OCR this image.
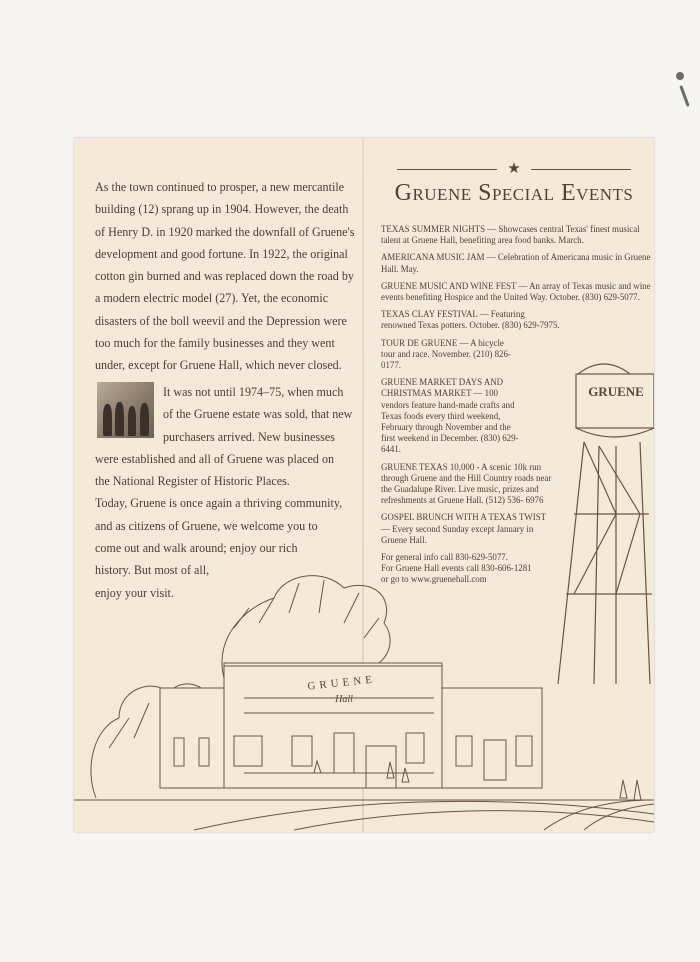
As the town continued to prosper, a new mercantile building (12) sprang up in 1904. However, the death of Henry D. in 1920 marked the downfall of Gruene's development and good fortune. In 1922, the original cotton gin burned and was replaced down the road by a modern electric model (27). Yet, the economic disasters of the boll weevil and the Depression were too much for the family businesses and they went under, except for Gruene Hall, which never closed.

It was not until 1974–75, when much
of the Gruene estate was sold, that new
purchasers arrived. New businesses
were established and all of Gruene was placed on
the National Register of Historic Places.
Today, Gruene is once again a thriving community,
and as citizens of Gruene, we welcome you to
come out and walk around; enjoy our rich
history. But most of all,
enjoy your visit.
★
Gruene Special Events
TEXAS SUMMER NIGHTS — Showcases central Texas' finest musical talent at Gruene Hall, benefiting area food banks. March.
AMERICANA MUSIC JAM — Celebration of Americana music in Gruene Hall. May.
GRUENE MUSIC AND WINE FEST — An array of Texas music and wine events benefiting Hospice and the United Way. October. (830) 629-5077.
TEXAS CLAY FESTIVAL — Featuring renowned Texas potters. October. (830) 629-7975.
TOUR DE GRUENE — A bicycle tour and race. November. (210) 826-0177.
GRUENE MARKET DAYS AND CHRISTMAS MARKET — 100 vendors feature hand-made crafts and Texas foods every third weekend, February through November and the first weekend in December. (830) 629-6441.
GRUENE TEXAS 10,000 - A scenic 10k run through Gruene and the Hill Country roads near the Guadalupe River. Live music, prizes and refreshments at Gruene Hall. (512) 536- 6976
GOSPEL BRUNCH WITH A TEXAS TWIST — Every second Sunday except January in Gruene Hall.
For general info call 830-629-5077.
For Gruene Hall events call 830-606-1281
or go to www.gruenehall.com
GRUENE
GRUENE
Hall
